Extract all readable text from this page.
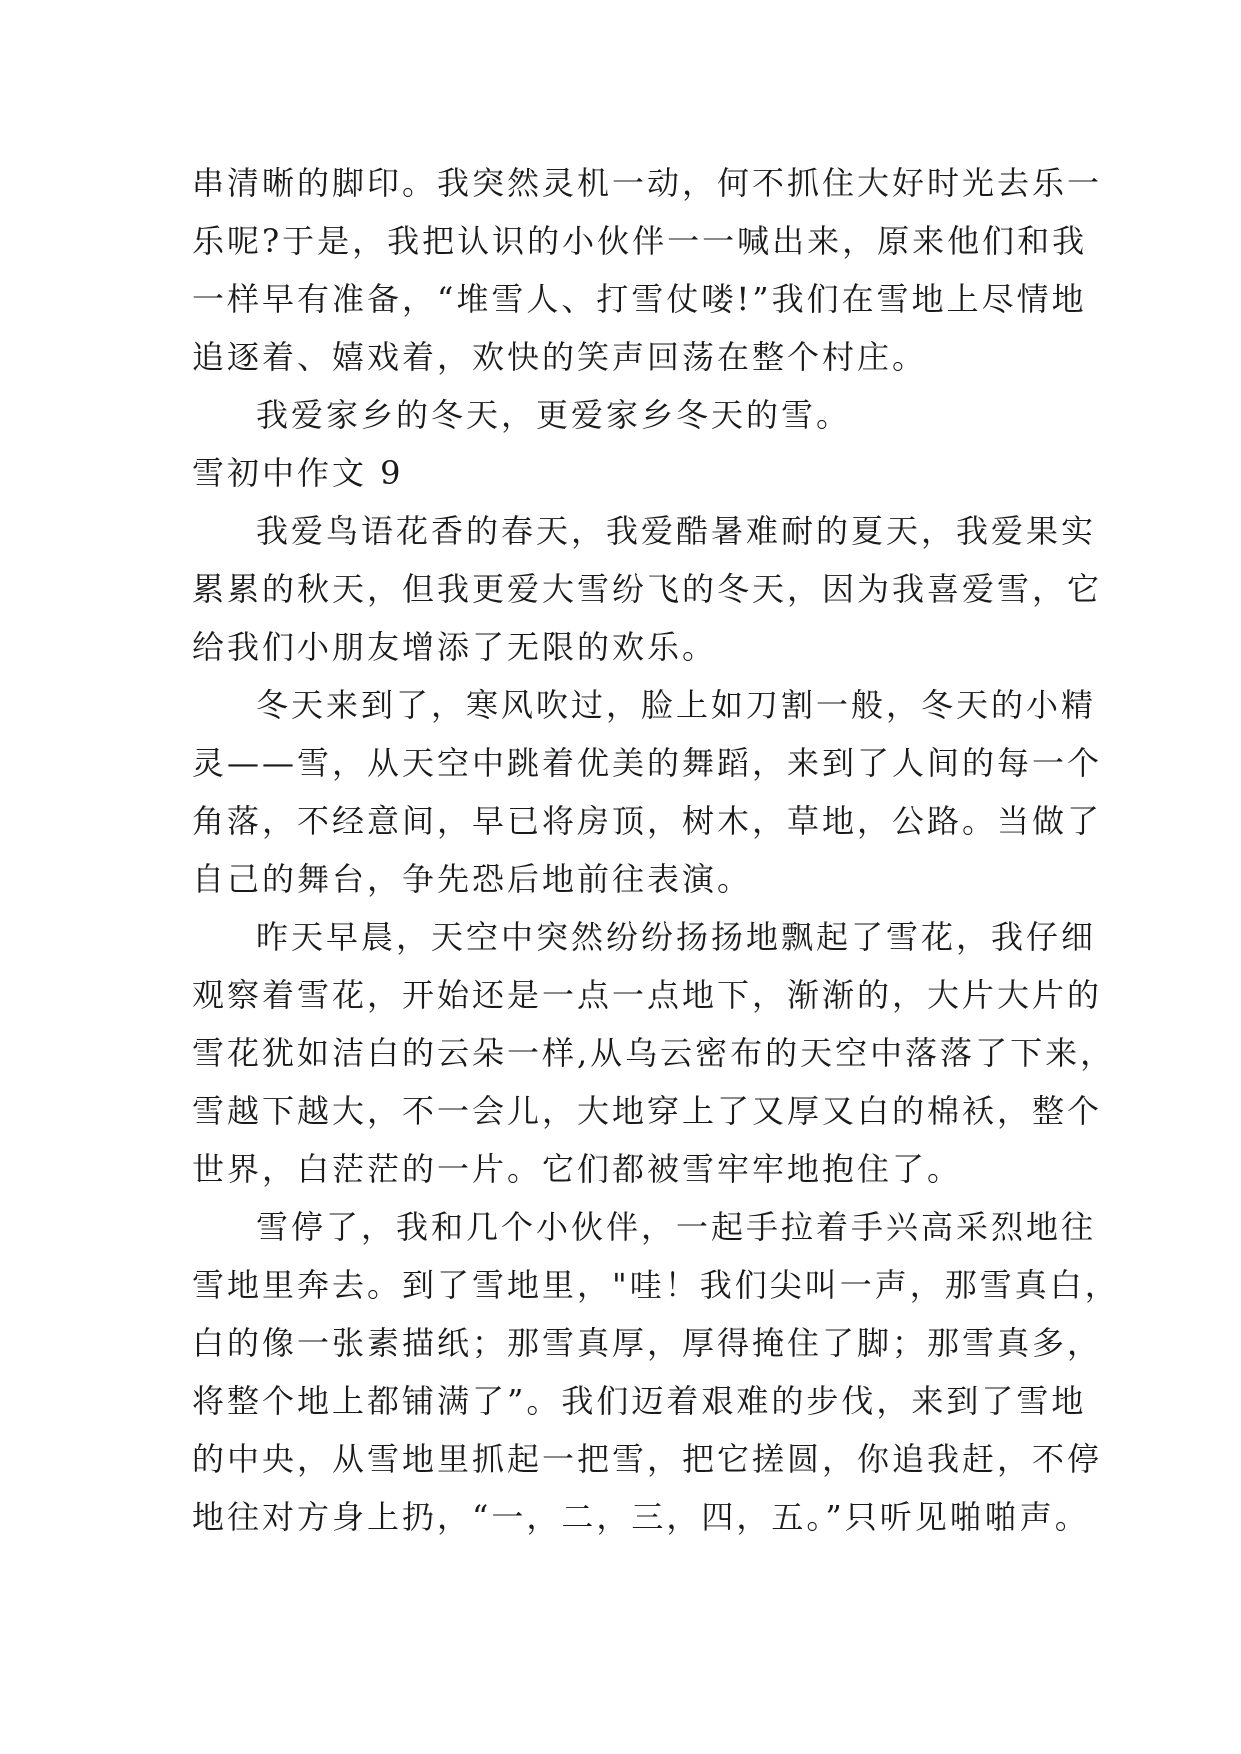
串清晰的脚印。我突然灵机一动，何不抓住大好时光去乐一

乐呢?于是，我把认识的小伙伴一一喊出来，原来他们和我

一样早有准备，“堆雪人、打雪仗喽!”我们在雪地上尽情地

追逐着、嬉戏着，欢快的笑声回荡在整个村庄。

我爱家乡的冬天，更爱家乡冬天的雪。

雪初中作文 9

我爱鸟语花香的春天，我爱酷暑难耐的夏天，我爱果实

累累的秋天，但我更爱大雪纷飞的冬天，因为我喜爱雪，它

给我们小朋友增添了无限的欢乐。

冬天来到了，寒风吹过，脸上如刀割一般，冬天的小精

灵——雪，从天空中跳着优美的舞蹈，来到了人间的每一个

角落，不经意间，早已将房顶，树木，草地，公路。当做了

自己的舞台，争先恐后地前往表演。

昨天早晨，天空中突然纷纷扬扬地飘起了雪花，我仔细

观察着雪花，开始还是一点一点地下，渐渐的，大片大片的

雪花犹如洁白的云朵一样,从乌云密布的天空中落落了下来，

雪越下越大，不一会儿，大地穿上了又厚又白的棉袄，整个

世界，白茫茫的一片。它们都被雪牢牢地抱住了。

雪停了，我和几个小伙伴，一起手拉着手兴高采烈地往

雪地里奔去。到了雪地里，"哇！我们尖叫一声，那雪真白，

白的像一张素描纸；那雪真厚，厚得掩住了脚；那雪真多，

将整个地上都铺满了”。我们迈着艰难的步伐，来到了雪地

的中央，从雪地里抓起一把雪，把它搓圆，你追我赶，不停

地往对方身上扔，“一，二，三，四，五。”只听见啪啪声。
